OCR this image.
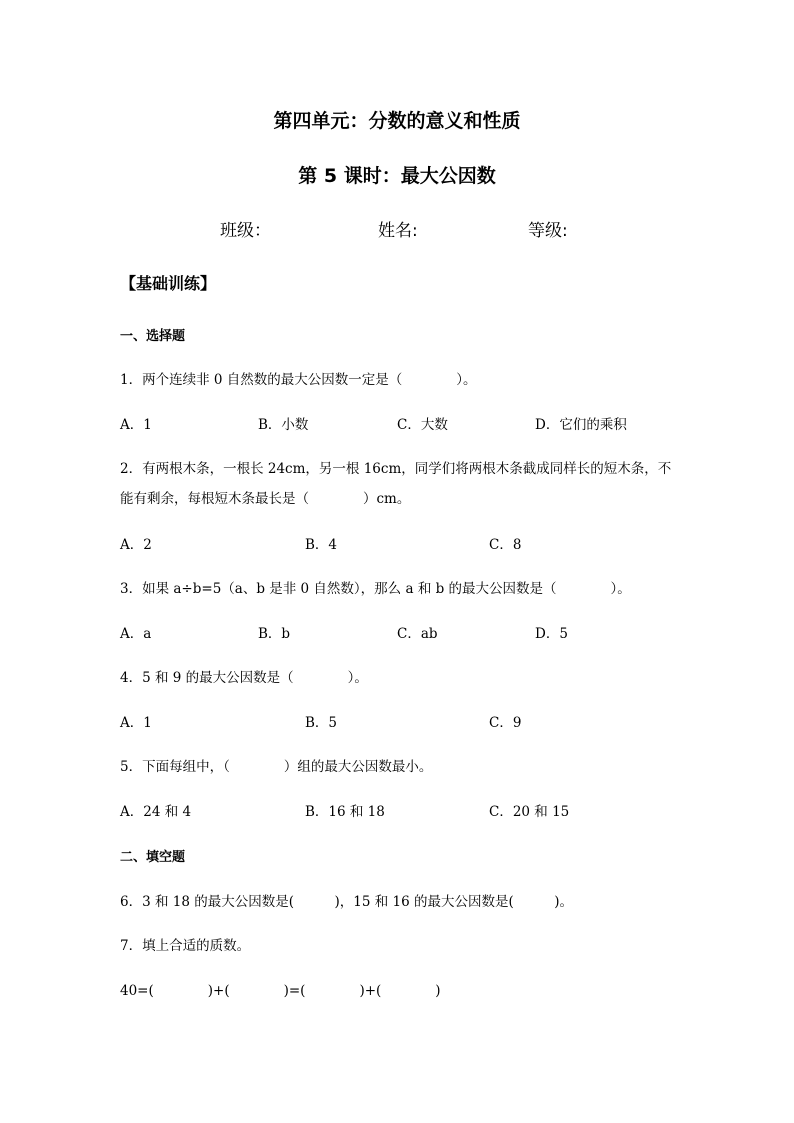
第四单元：分数的意义和性质
第 5 课时：最大公因数
班级：	姓名:	等级:
【基础训练】
一、选择题
1．两个连续非 0 自然数的最大公因数一定是（　　　　）。
A．1	B．小数	C．大数	D．它们的乘积
2．有两根木条，一根长 24cm，另一根 16cm，同学们将两根木条截成同样长的短木条，不
能有剩余，每根短木条最长是（　　　　）cm。
A．2	B．4	C．8
3．如果 a÷b=5（a、b 是非 0 自然数），那么 a 和 b 的最大公因数是（　　　　）。
A．a	B．b	C．ab	D．5
4．5 和 9 的最大公因数是（　　　　）。
A．1	B．5	C．9
5．下面每组中，（　　　　）组的最大公因数最小。
A．24 和 4	B．16 和 18	C．20 和 15
二、填空题
6．3 和 18 的最大公因数是(　　　)，15 和 16 的最大公因数是(　　　)。
7．填上合适的质数。
40=(　　　　)+(　　　　)=(　　　　)+(　　　　)
